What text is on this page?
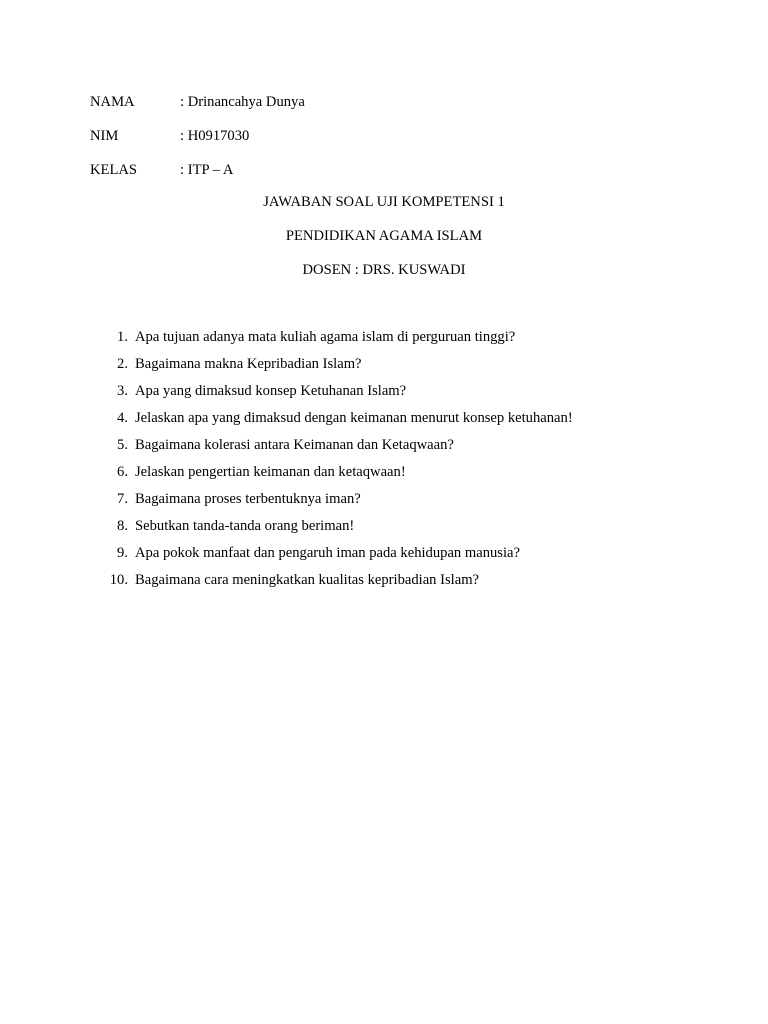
NAMA	: Drinancahya Dunya
NIM	: H0917030
KELAS	: ITP – A
JAWABAN SOAL UJI KOMPETENSI 1
PENDIDIKAN AGAMA ISLAM
DOSEN : DRS. KUSWADI
1. Apa tujuan adanya mata kuliah agama islam di perguruan tinggi?
2. Bagaimana makna Kepribadian Islam?
3. Apa yang dimaksud konsep Ketuhanan Islam?
4. Jelaskan apa yang dimaksud dengan keimanan menurut konsep ketuhanan!
5. Bagaimana kolerasi antara Keimanan dan Ketaqwaan?
6. Jelaskan pengertian keimanan dan ketaqwaan!
7. Bagaimana proses terbentuknya iman?
8. Sebutkan tanda-tanda orang beriman!
9. Apa pokok manfaat dan pengaruh iman pada kehidupan manusia?
10. Bagaimana cara meningkatkan kualitas kepribadian Islam?
